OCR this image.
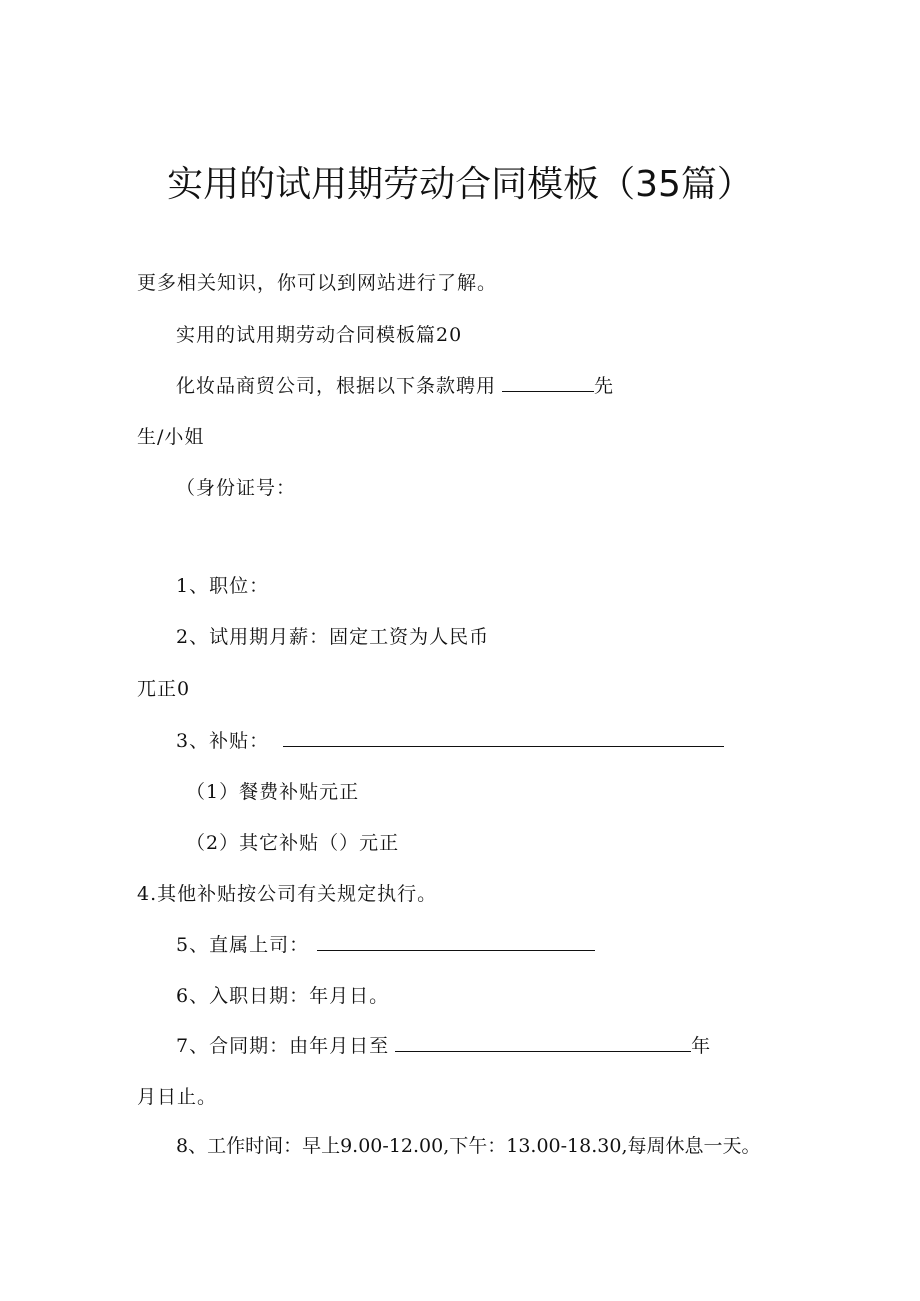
实用的试用期劳动合同模板（35篇）
更多相关知识，你可以到网站进行了解。
实用的试用期劳动合同模板篇20
化妆品商贸公司，根据以下条款聘用	先
生/小姐
（身份证号：
1、职位：
2、试用期月薪：固定工资为人民币
兀正0
3、补贴：
（1）餐费补贴元正
（2）其它补贴（）元正
4.其他补贴按公司有关规定执行。
5、直属上司：
6、入职日期：年月日。
7、合同期：由年月日至	年
月日止。
8、工作时间：早上9.00-12.00,下午：13.00-18.30,每周休息一天。
